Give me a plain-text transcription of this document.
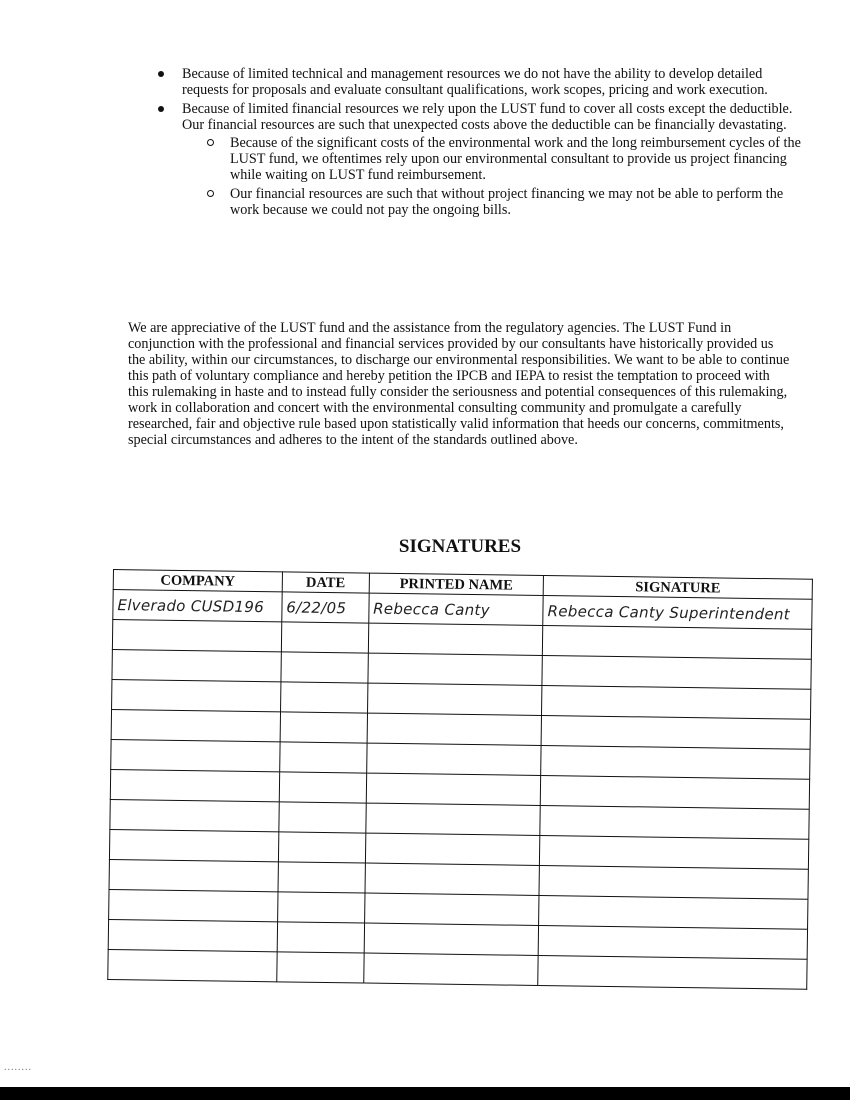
Because of limited technical and management resources we do not have the ability to develop detailed requests for proposals and evaluate consultant qualifications, work scopes, pricing and work execution.
Because of limited financial resources we rely upon the LUST fund to cover all costs except the deductible. Our financial resources are such that unexpected costs above the deductible can be financially devastating.
Because of the significant costs of the environmental work and the long reimbursement cycles of the LUST fund, we oftentimes rely upon our environmental consultant to provide us project financing while waiting on LUST fund reimbursement.
Our financial resources are such that without project financing we may not be able to perform the work because we could not pay the ongoing bills.

We are appreciative of the LUST fund and the assistance from the regulatory agencies. The LUST Fund in conjunction with the professional and financial services provided by our consultants have historically provided us the ability, within our circumstances, to discharge our environmental responsibilities. We want to be able to continue this path of voluntary compliance and hereby petition the IPCB and IEPA to resist the temptation to proceed with this rulemaking in haste and to instead fully consider the seriousness and potential consequences of this rulemaking, work in collaboration and concert with the environmental consulting community and promulgate a carefully researched, fair and objective rule based upon statistically valid information that heeds our concerns, commitments, special circumstances and adheres to the intent of the standards outlined above.

SIGNATURES
COMPANY	DATE	PRINTED NAME	SIGNATURE
Elverado CUSD196	6/22/05	Rebecca Canty	Rebecca Canty Superintendent

........
